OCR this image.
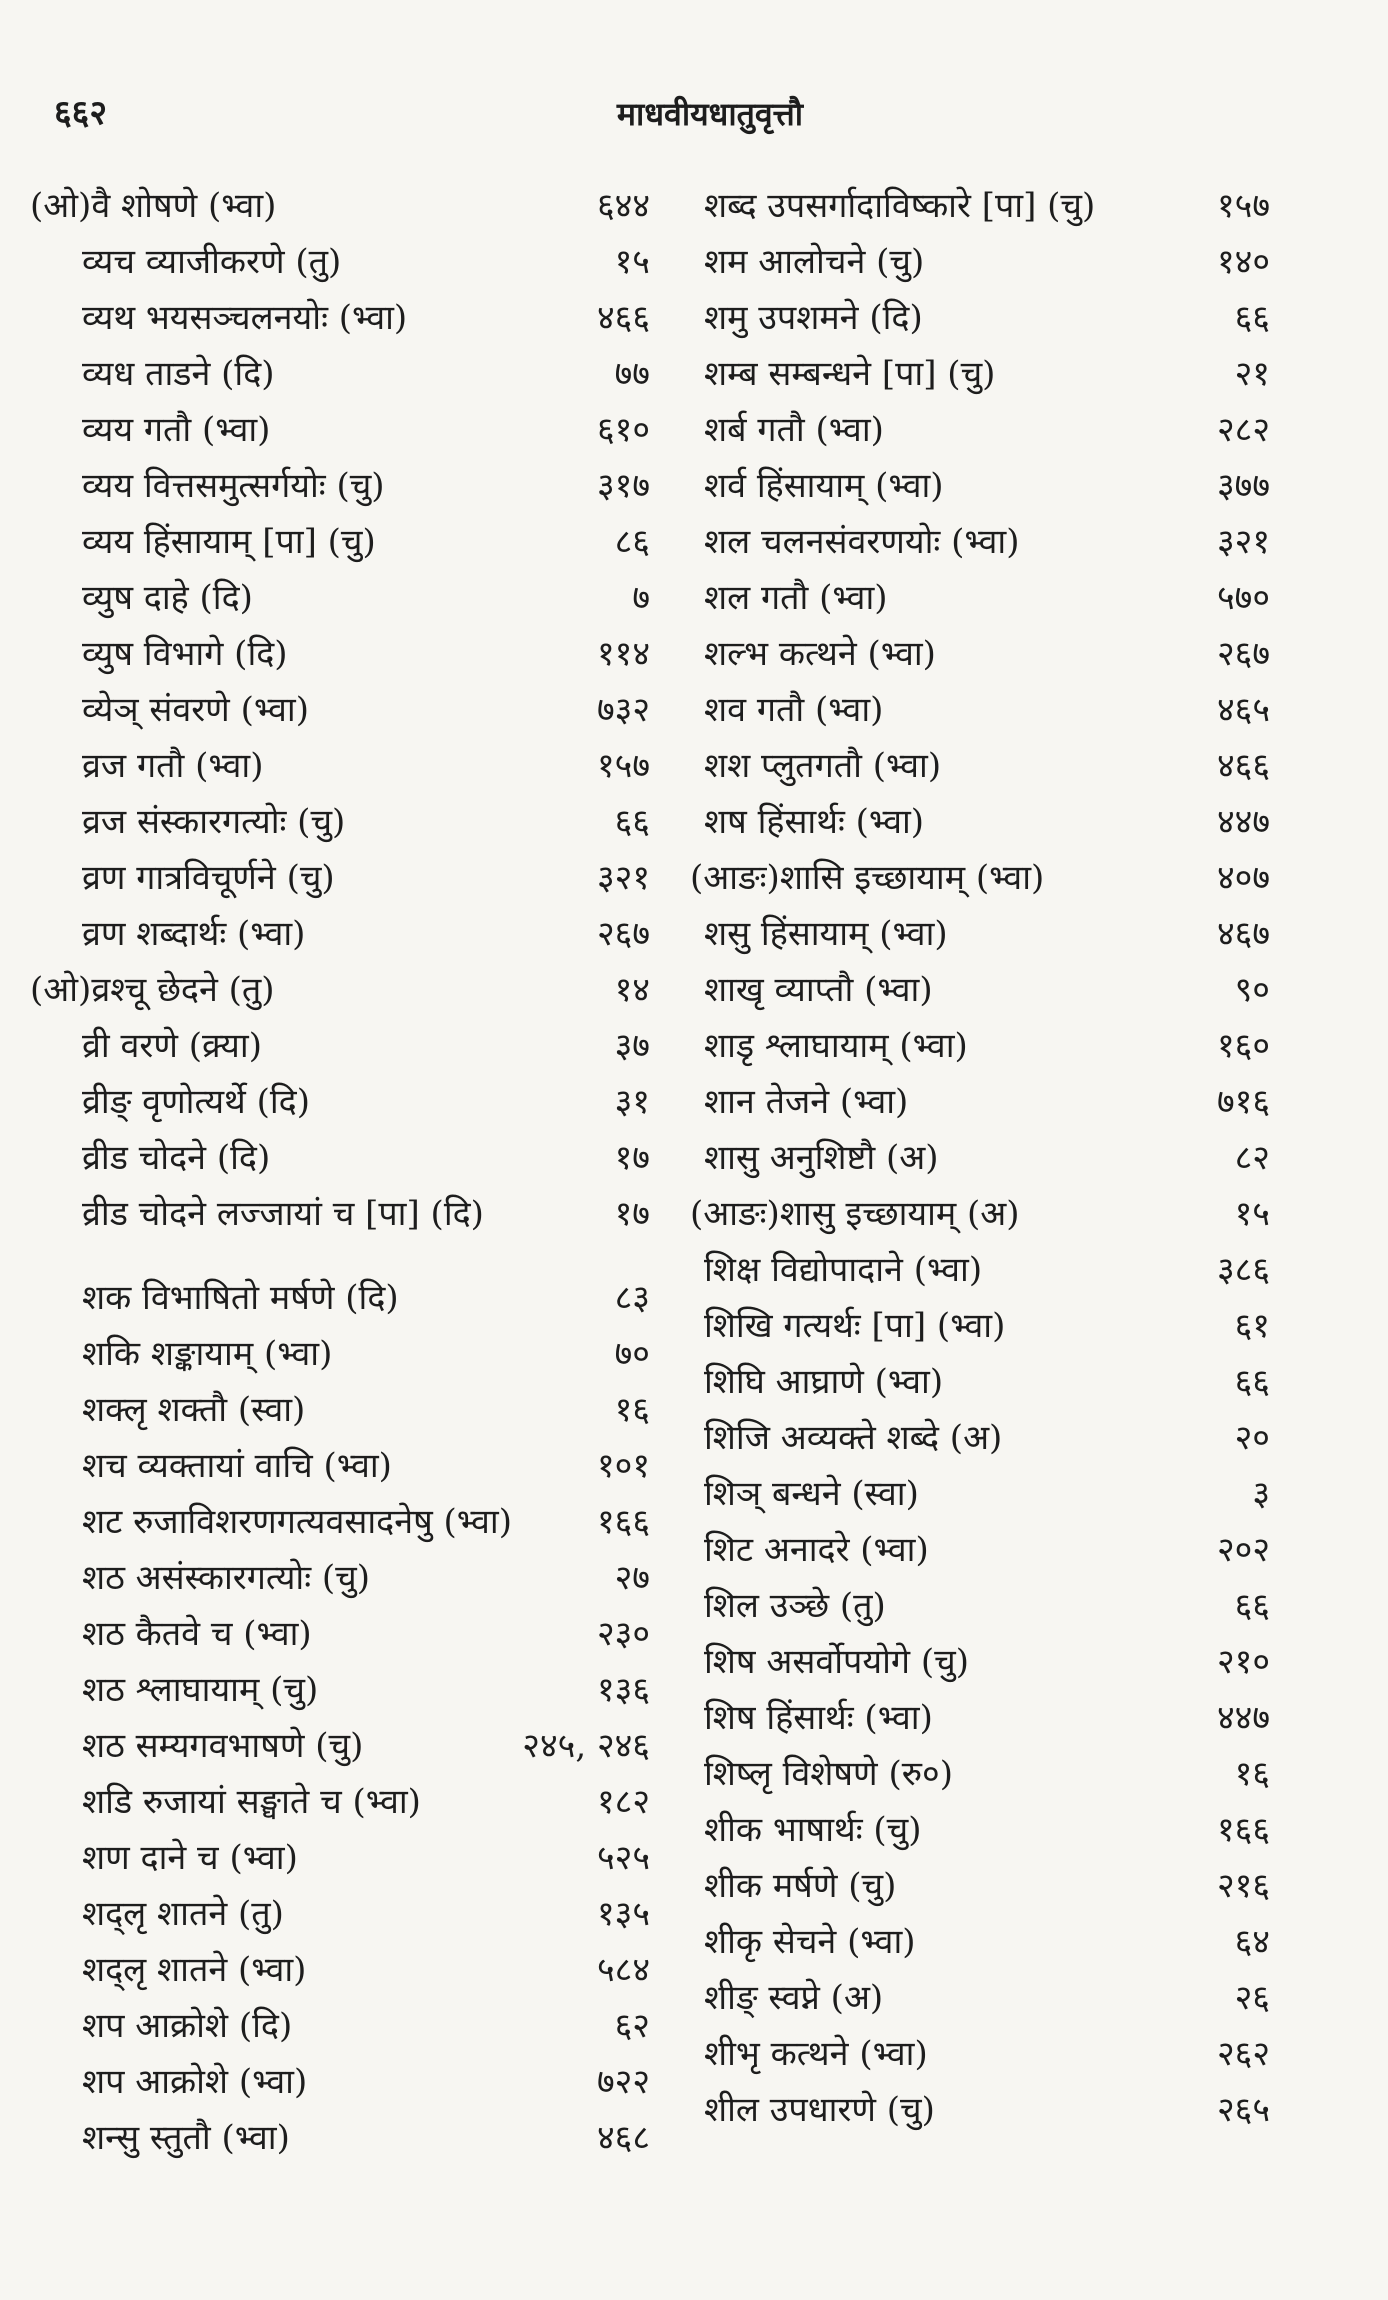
६६२	माधवीयधातुवृत्तौ
(ओ)वै शोषणे (भ्वा)	६४४
व्यच व्याजीकरणे (तु)	१५
व्यथ भयसञ्चलनयोः (भ्वा)	४६६
व्यध ताडने (दि)	७७
व्यय गतौ (भ्वा)	६१०
व्यय वित्तसमुत्सर्गयोः (चु)	३१७
व्यय हिंसायाम् [पा] (चु)	८६
व्युष दाहे (दि)	७
व्युष विभागे (दि)	११४
व्येञ् संवरणे (भ्वा)	७३२
व्रज गतौ (भ्वा)	१५७
व्रज संस्कारगत्योः (चु)	६६
व्रण गात्रविचूर्णने (चु)	३२१
व्रण शब्दार्थः (भ्वा)	२६७
(ओ)व्रश्चू छेदने (तु)	१४
व्री वरणे (क्र्या)	३७
व्रीङ् वृणोत्यर्थे (दि)	३१
व्रीड चोदने (दि)	१७
व्रीड चोदने लज्जायां च [पा] (दि)	१७
शक विभाषितो मर्षणे (दि)	८३
शकि शङ्कायाम् (भ्वा)	७०
शक्लृ शक्तौ (स्वा)	१६
शच व्यक्तायां वाचि (भ्वा)	१०१
शट रुजाविशरणगत्यवसादनेषु (भ्वा) १६६
शठ असंस्कारगत्योः (चु)	२७
शठ कैतवे च (भ्वा)	२३०
शठ श्लाघायाम् (चु)	१३६
शठ सम्यगवभाषणे (चु)	२४५, २४६
शडि रुजायां सङ्घाते च (भ्वा)	१८२
शण दाने च (भ्वा)	५२५
शद्लृ शातने (तु)	१३५
शद्लृ शातने (भ्वा)	५८४
शप आक्रोशे (दि)	६२
शप आक्रोशे (भ्वा)	७२२
शन्सु स्तुतौ (भ्वा)	४६८
शब्द उपसर्गादाविष्कारे [पा] (चु)	१५७
शम आलोचने (चु)	१४०
शमु उपशमने (दि)	६६
शम्ब सम्बन्धने [पा] (चु)	२१
शर्ब गतौ (भ्वा)	२८२
शर्व हिंसायाम् (भ्वा)	३७७
शल चलनसंवरणयोः (भ्वा)	३२१
शल गतौ (भ्वा)	५७०
शल्भ कत्थने (भ्वा)	२६७
शव गतौ (भ्वा)	४६५
शश प्लुतगतौ (भ्वा)	४६६
शष हिंसार्थः (भ्वा)	४४७
(आङः)शासि इच्छायाम् (भ्वा)	४०७
शसु हिंसायाम् (भ्वा)	४६७
शाखृ व्याप्तौ (भ्वा)	९०
शाडृ श्लाघायाम् (भ्वा)	१६०
शान तेजने (भ्वा)	७१६
शासु अनुशिष्टौ (अ)	८२
(आङः)शासु इच्छायाम् (अ)	१५
शिक्ष विद्योपादाने (भ्वा)	३८६
शिखि गत्यर्थः [पा] (भ्वा)	६१
शिघि आघ्राणे (भ्वा)	६६
शिजि अव्यक्ते शब्दे (अ)	२०
शिञ् बन्धने (स्वा)	३
शिट अनादरे (भ्वा)	२०२
शिल उञ्छे (तु)	६६
शिष असर्वोपयोगे (चु)	२१०
शिष हिंसार्थः (भ्वा)	४४७
शिष्लृ विशेषणे (रु०)	१६
शीक भाषार्थः (चु)	१६६
शीक मर्षणे (चु)	२१६
शीकृ सेचने (भ्वा)	६४
शीङ् स्वप्ने (अ)	२६
शीभृ कत्थने (भ्वा)	२६२
शील उपधारणे (चु)	२६५
